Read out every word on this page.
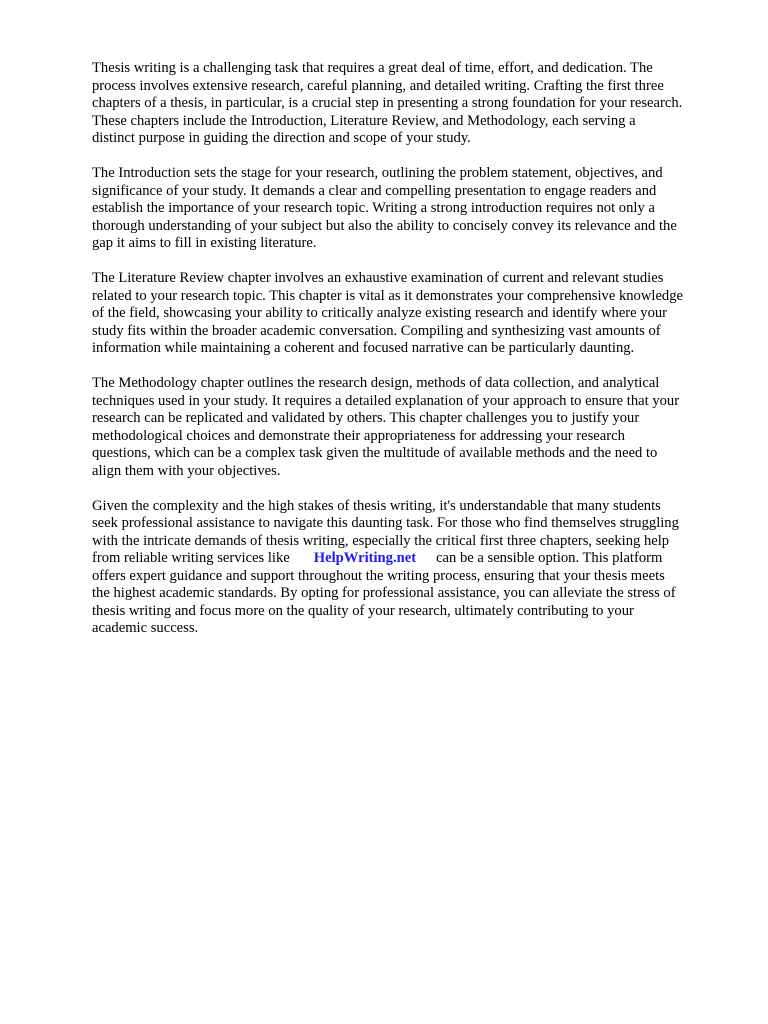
Thesis writing is a challenging task that requires a great deal of time, effort, and dedication. The
process involves extensive research, careful planning, and detailed writing. Crafting the first three
chapters of a thesis, in particular, is a crucial step in presenting a strong foundation for your research.
These chapters include the Introduction, Literature Review, and Methodology, each serving a
distinct purpose in guiding the direction and scope of your study.

The Introduction sets the stage for your research, outlining the problem statement, objectives, and
significance of your study. It demands a clear and compelling presentation to engage readers and
establish the importance of your research topic. Writing a strong introduction requires not only a
thorough understanding of your subject but also the ability to concisely convey its relevance and the
gap it aims to fill in existing literature.

The Literature Review chapter involves an exhaustive examination of current and relevant studies
related to your research topic. This chapter is vital as it demonstrates your comprehensive knowledge
of the field, showcasing your ability to critically analyze existing research and identify where your
study fits within the broader academic conversation. Compiling and synthesizing vast amounts of
information while maintaining a coherent and focused narrative can be particularly daunting.

The Methodology chapter outlines the research design, methods of data collection, and analytical
techniques used in your study. It requires a detailed explanation of your approach to ensure that your
research can be replicated and validated by others. This chapter challenges you to justify your
methodological choices and demonstrate their appropriateness for addressing your research
questions, which can be a complex task given the multitude of available methods and the need to
align them with your objectives.

Given the complexity and the high stakes of thesis writing, it's understandable that many students
seek professional assistance to navigate this daunting task. For those who find themselves struggling
with the intricate demands of thesis writing, especially the critical first three chapters, seeking help
from reliable writing services like HelpWriting.net can be a sensible option. This platform
offers expert guidance and support throughout the writing process, ensuring that your thesis meets
the highest academic standards. By opting for professional assistance, you can alleviate the stress of
thesis writing and focus more on the quality of your research, ultimately contributing to your
academic success.
